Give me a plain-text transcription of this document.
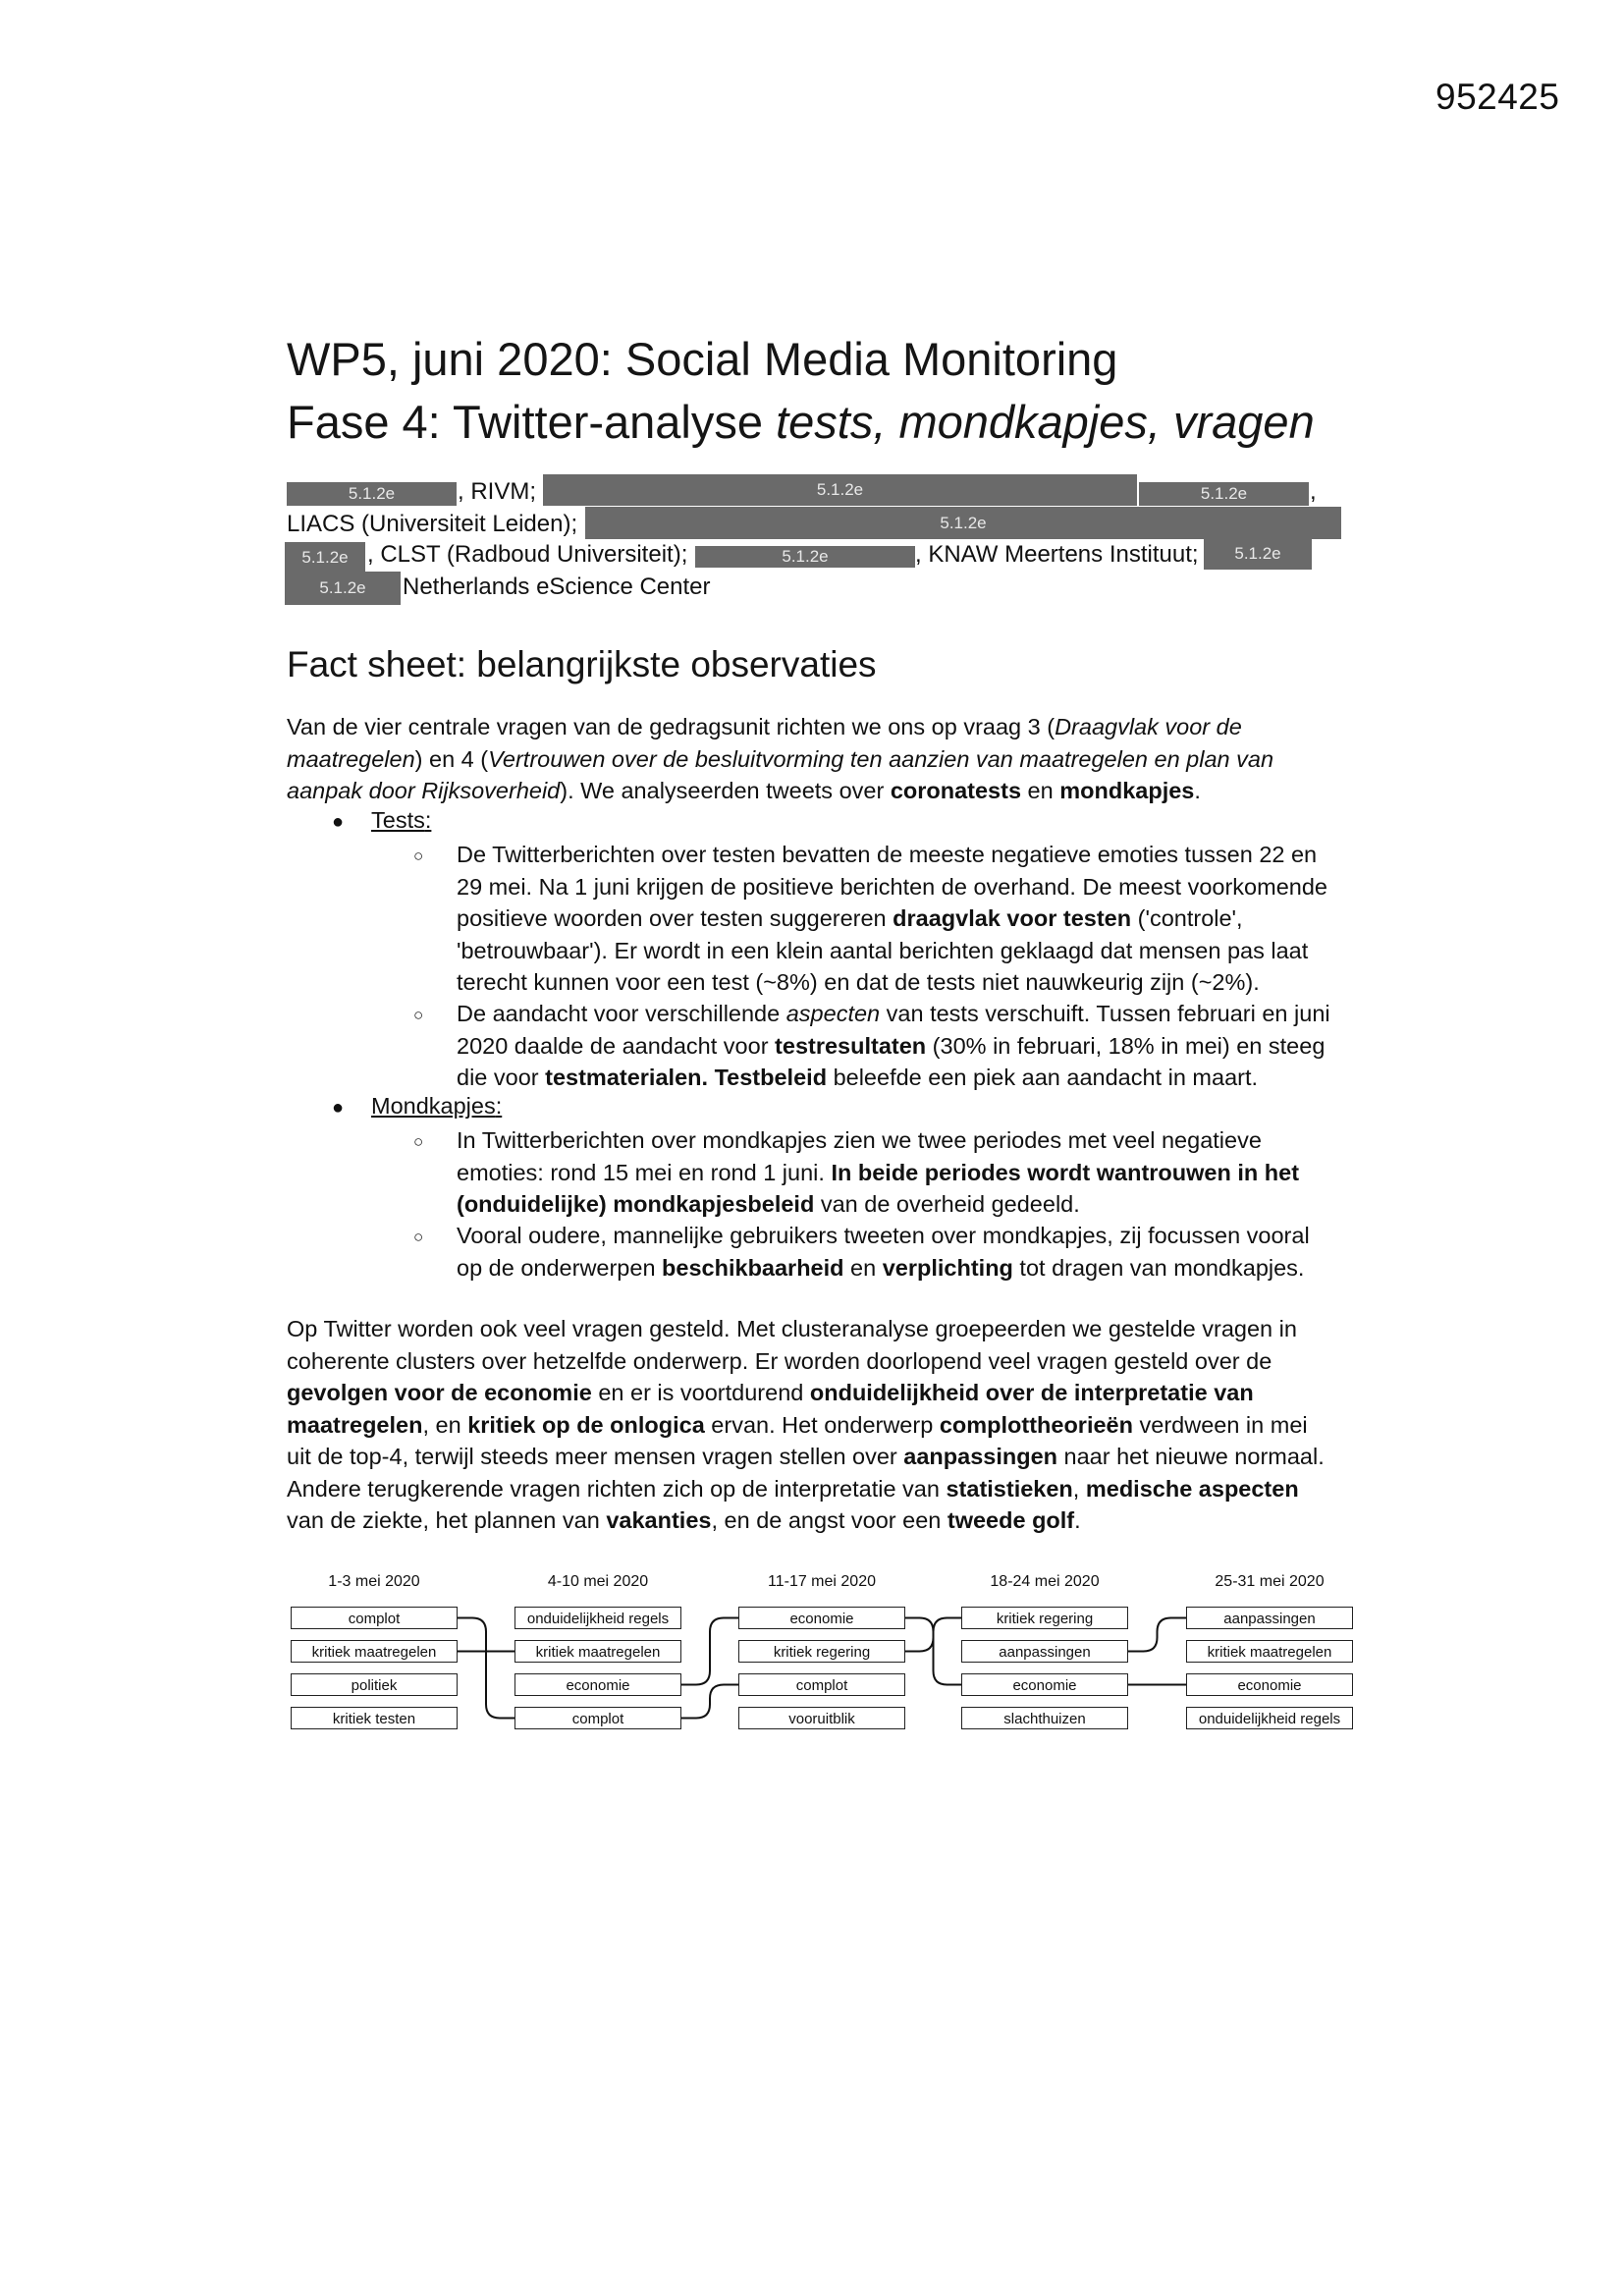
952425
WP5, juni 2020: Social Media Monitoring
Fase 4: Twitter-analyse tests, mondkapjes, vragen
5.1.2e	, RIVM;	5.1.2e	5.1.2e	,
LIACS (Universiteit Leiden);	5.1.2e
5.1.2e , CLST (Radboud Universiteit);	5.1.2e	, KNAW Meertens Instituut; 5.1.2e
5.1.2e Netherlands eScience Center
Fact sheet: belangrijkste observaties
Van de vier centrale vragen van de gedragsunit richten we ons op vraag 3 (Draagvlak voor de
maatregelen) en 4 (Vertrouwen over de besluitvorming ten aanzien van maatregelen en plan van
aanpak door Rijksoverheid). We analyseerden tweets over coronatests en mondkapjes.
● Tests:
○ De Twitterberichten over testen bevatten de meeste negatieve emoties tussen 22 en
29 mei. Na 1 juni krijgen de positieve berichten de overhand. De meest voorkomende
positieve woorden over testen suggereren draagvlak voor testen ('controle',
'betrouwbaar'). Er wordt in een klein aantal berichten geklaagd dat mensen pas laat
terecht kunnen voor een test (~8%) en dat de tests niet nauwkeurig zijn (~2%).
○ De aandacht voor verschillende aspecten van tests verschuift. Tussen februari en juni
2020 daalde de aandacht voor testresultaten (30% in februari, 18% in mei) en steeg
die voor testmaterialen. Testbeleid beleefde een piek aan aandacht in maart.
● Mondkapjes:
○ In Twitterberichten over mondkapjes zien we twee periodes met veel negatieve
emoties: rond 15 mei en rond 1 juni. In beide periodes wordt wantrouwen in het
(onduidelijke) mondkapjesbeleid van de overheid gedeeld.
○ Vooral oudere, mannelijke gebruikers tweeten over mondkapjes, zij focussen vooral
op de onderwerpen beschikbaarheid en verplichting tot dragen van mondkapjes.
Op Twitter worden ook veel vragen gesteld. Met clusteranalyse groepeerden we gestelde vragen in
coherente clusters over hetzelfde onderwerp. Er worden doorlopend veel vragen gesteld over de
gevolgen voor de economie en er is voortdurend onduidelijkheid over de interpretatie van
maatregelen, en kritiek op de onlogica ervan. Het onderwerp complottheorieën verdween in mei
uit de top-4, terwijl steeds meer mensen vragen stellen over aanpassingen naar het nieuwe normaal.
Andere terugkerende vragen richten zich op de interpretatie van statistieken, medische aspecten
van de ziekte, het plannen van vakanties, en de angst voor een tweede golf.
1-3 mei 2020
complot
kritiek maatregelen
politiek
kritiek testen
4-10 mei 2020
onduidelijkheid regels
kritiek maatregelen
economie
complot
11-17 mei 2020
economie
kritiek regering
complot
vooruitblik
18-24 mei 2020
kritiek regering
aanpassingen
economie
slachthuizen
25-31 mei 2020
aanpassingen
kritiek maatregelen
economie
onduidelijkheid regels
